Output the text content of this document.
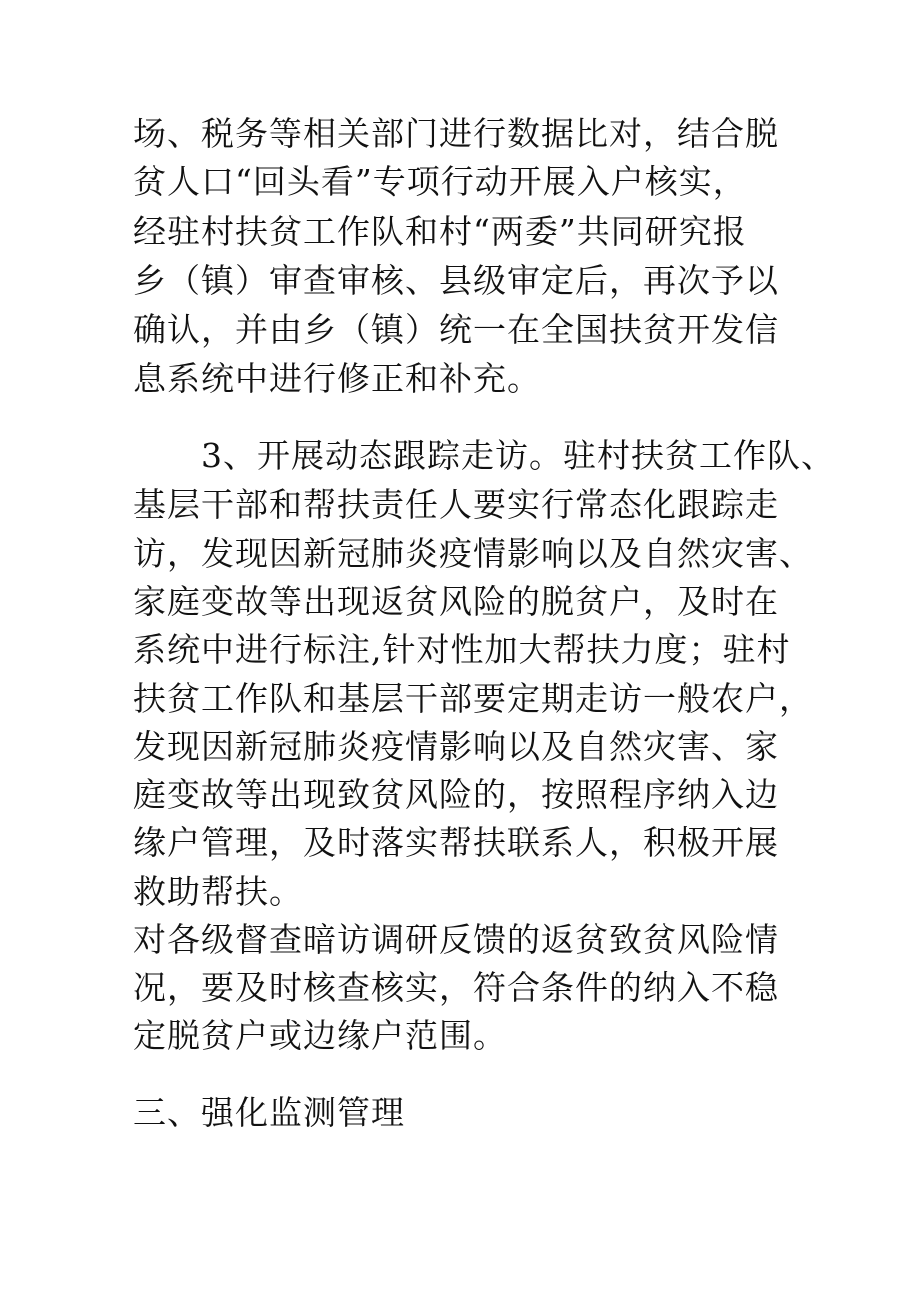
场、税务等相关部门进行数据比对，结合脱
贫人口“回头看”专项行动开展入户核实，
经驻村扶贫工作队和村“两委”共同研究报
乡（镇）审查审核、县级审定后，再次予以
确认，并由乡（镇）统一在全国扶贫开发信
息系统中进行修正和补充。
　　3、开展动态跟踪走访。驻村扶贫工作队、
基层干部和帮扶责任人要实行常态化跟踪走
访，发现因新冠肺炎疫情影响以及自然灾害、
家庭变故等出现返贫风险的脱贫户，及时在
系统中进行标注,针对性加大帮扶力度；驻村
扶贫工作队和基层干部要定期走访一般农户，
发现因新冠肺炎疫情影响以及自然灾害、家
庭变故等出现致贫风险的，按照程序纳入边
缘户管理，及时落实帮扶联系人，积极开展
救助帮扶。
对各级督查暗访调研反馈的返贫致贫风险情
况，要及时核查核实，符合条件的纳入不稳
定脱贫户或边缘户范围。
三、强化监测管理
